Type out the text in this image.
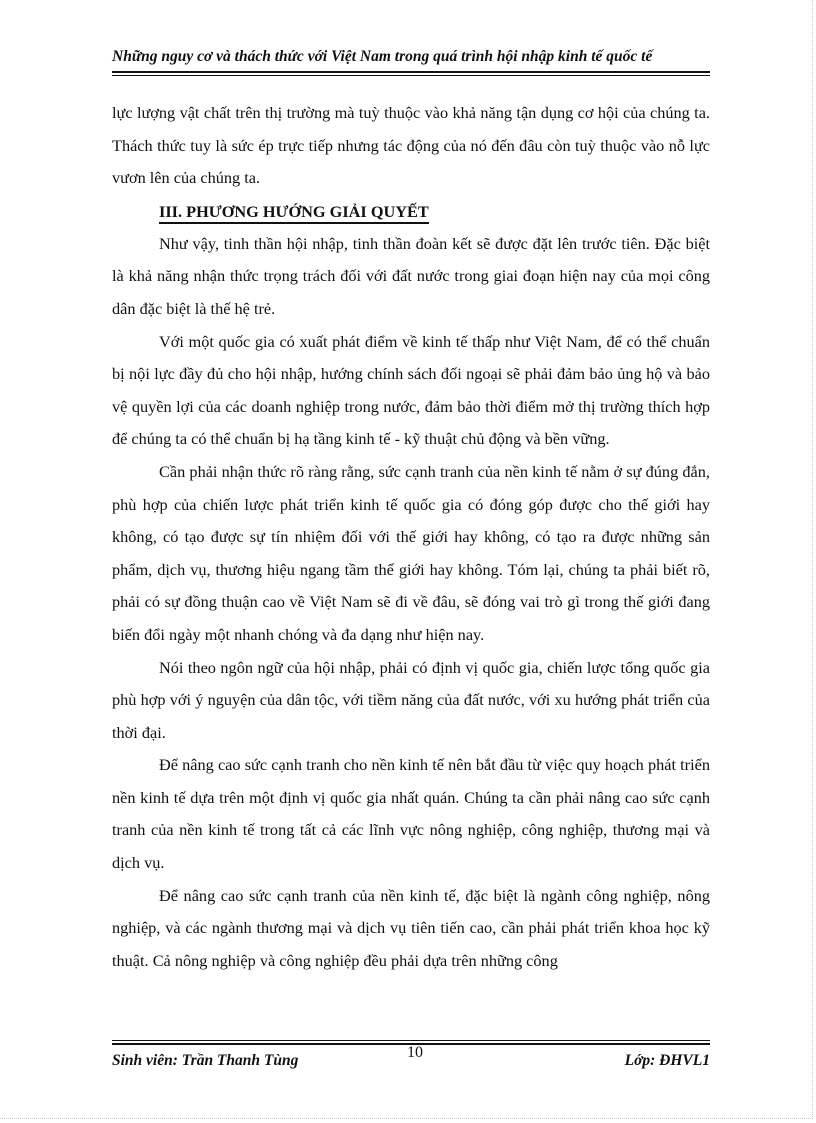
Những nguy cơ và thách thức với Việt Nam trong quá trình hội nhập kinh tế quốc tế

lực lượng vật chất trên thị trường mà tuỳ thuộc vào khả năng tận dụng cơ hội của chúng ta. Thách thức tuy là sức ép trực tiếp nhưng tác động của nó đến đâu còn tuỳ thuộc vào nỗ lực vươn lên của chúng ta.

III. PHƯƠNG HƯỚNG GIẢI QUYẾT

Như vậy, tinh thần hội nhập, tinh thần đoàn kết sẽ được đặt lên trước tiên. Đặc biệt là khả năng nhận thức trọng trách đối với đất nước trong giai đoạn hiện nay của mọi công dân đặc biệt là thế hệ trẻ.

Với một quốc gia có xuất phát điểm về kinh tế thấp như Việt Nam, để có thể chuẩn bị nội lực đầy đủ cho hội nhập, hướng chính sách đối ngoại sẽ phải đảm bảo ủng hộ và bảo vệ quyền lợi của các doanh nghiệp trong nước, đảm bảo thời điểm mở thị trường thích hợp để chúng ta có thể chuẩn bị hạ tầng kinh tế - kỹ thuật chủ động và bền vững.

Cần phải nhận thức rõ ràng rằng, sức cạnh tranh của nền kinh tế nằm ở sự đúng đắn, phù hợp của chiến lược phát triển kinh tế quốc gia có đóng góp được cho thế giới hay không, có tạo được sự tín nhiệm đối với thế giới hay không, có tạo ra được những sản phẩm, dịch vụ, thương hiệu ngang tầm thế giới hay không. Tóm lại, chúng ta phải biết rõ, phải có sự đồng thuận cao về Việt Nam sẽ đi về đâu, sẽ đóng vai trò gì trong thế giới đang biến đổi ngày một nhanh chóng và đa dạng như hiện nay.

Nói theo ngôn ngữ của hội nhập, phải có định vị quốc gia, chiến lược tổng quốc gia phù hợp với ý nguyện của dân tộc, với tiềm năng của đất nước, với xu hướng phát triển của thời đại.

Để nâng cao sức cạnh tranh cho nền kinh tế nên bắt đầu từ việc quy hoạch phát triển nền kinh tế dựa trên một định vị quốc gia nhất quán. Chúng ta cần phải nâng cao sức cạnh tranh của nền kinh tế trong tất cả các lĩnh vực nông nghiệp, công nghiệp, thương mại và dịch vụ.

Để nâng cao sức cạnh tranh của nền kinh tế, đặc biệt là ngành công nghiệp, nông nghiệp, và các ngành thương mại và dịch vụ tiên tiến cao, cần phải phát triển khoa học kỹ thuật. Cả nông nghiệp và công nghiệp đều phải dựa trên những công

Sinh viên: Trần Thanh Tùng	10	Lớp: ĐHVL1
